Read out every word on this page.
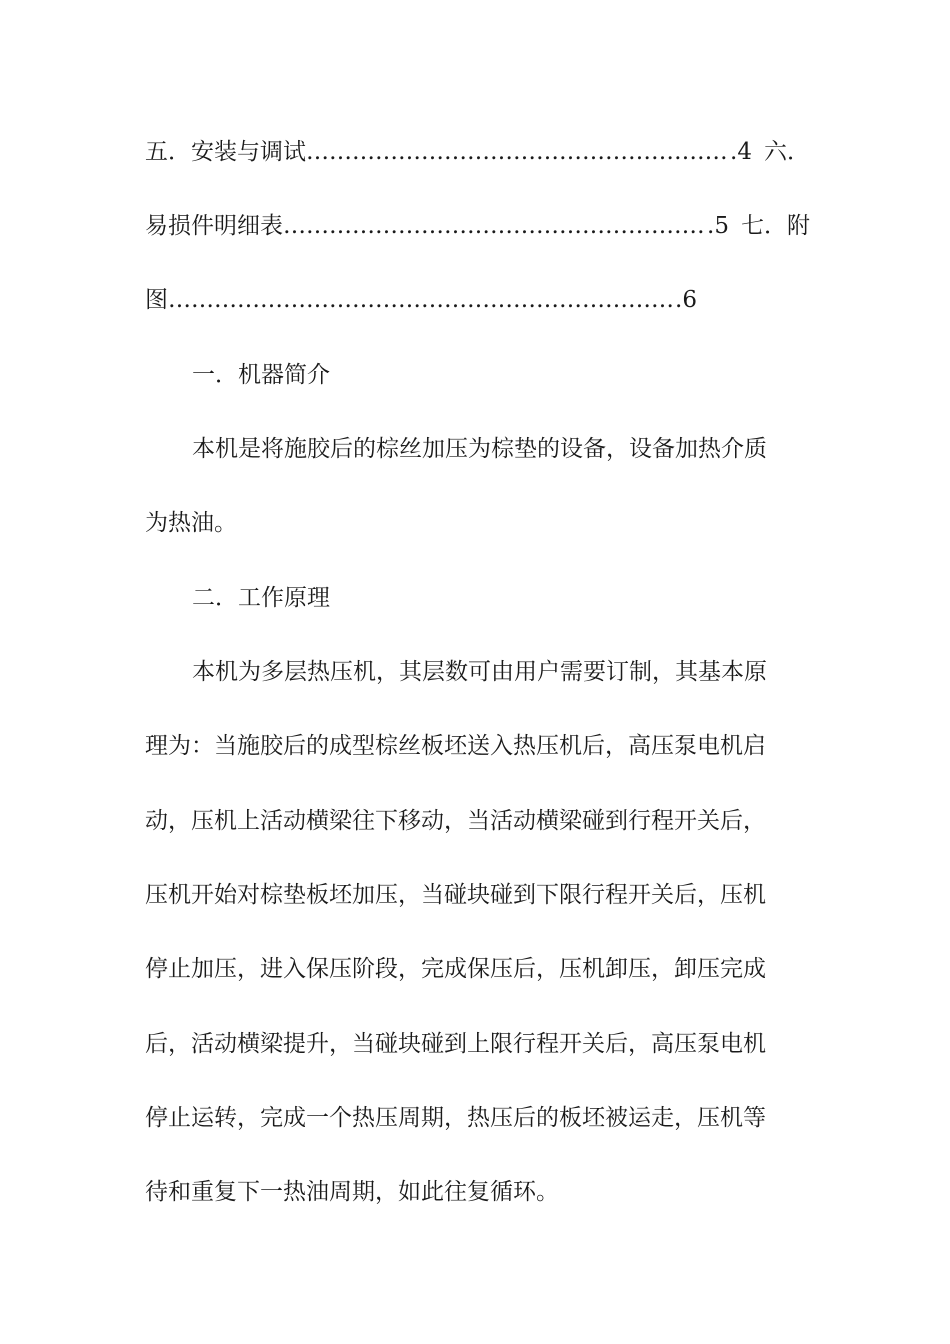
五．安装与调试 ………………………………………………………………………………………………………………	.4 六．
易损件明细表 ………………………………………………………………………………………………………………	.5 七．附
图 ………………………………………………………………………………………………………………	.6
一．机器简介
本机是将施胶后的棕丝加压为棕垫的设备，设备加热介质
为热油。
二．工作原理
本机为多层热压机，其层数可由用户需要订制，其基本原
理为：当施胶后的成型棕丝板坯送入热压机后，高压泵电机启
动，压机上活动横梁往下移动，当活动横梁碰到行程开关后，
压机开始对棕垫板坯加压，当碰块碰到下限行程开关后，压机
停止加压，进入保压阶段，完成保压后，压机卸压，卸压完成
后，活动横梁提升，当碰块碰到上限行程开关后，高压泵电机
停止运转，完成一个热压周期，热压后的板坯被运走，压机等
待和重复下一热油周期，如此往复循环。
